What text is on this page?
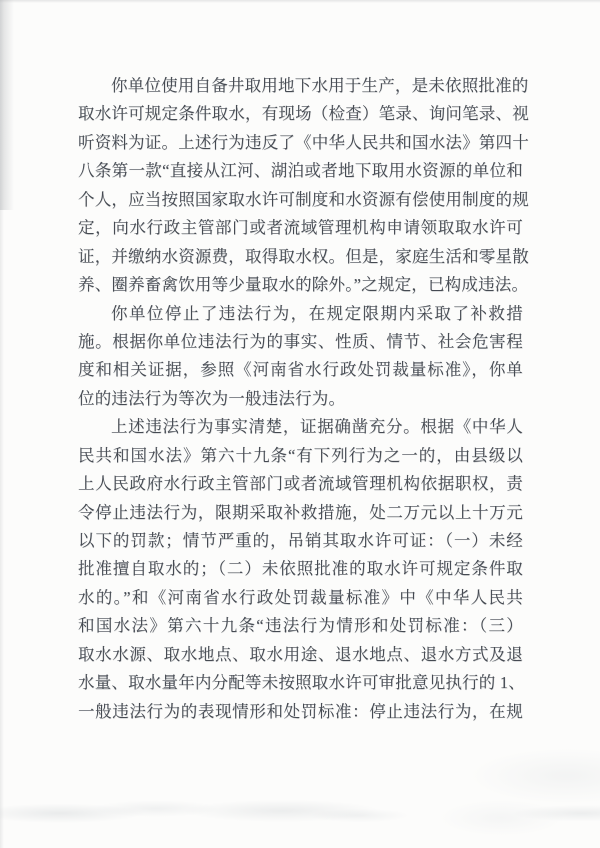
你单位使用自备井取用地下水用于生产，是未依照批准的
取水许可规定条件取水，有现场（检查）笔录、询问笔录、视
听资料为证。上述行为违反了《中华人民共和国水法》第四十
八条第一款“直接从江河、湖泊或者地下取用水资源的单位和
个人，应当按照国家取水许可制度和水资源有偿使用制度的规
定，向水行政主管部门或者流域管理机构申请领取取水许可
证，并缴纳水资源费，取得取水权。但是，家庭生活和零星散
养、圈养畜禽饮用等少量取水的除外。”之规定，已构成违法。
你单位停止了违法行为，在规定限期内采取了补救措
施。根据你单位违法行为的事实、性质、情节、社会危害程
度和相关证据，参照《河南省水行政处罚裁量标准》，你单
位的违法行为等次为一般违法行为。
上述违法行为事实清楚，证据确凿充分。根据《中华人
民共和国水法》第六十九条“有下列行为之一的，由县级以
上人民政府水行政主管部门或者流域管理机构依据职权，责
令停止违法行为，限期采取补救措施，处二万元以上十万元
以下的罚款；情节严重的，吊销其取水许可证：（一）未经
批准擅自取水的；（二）未依照批准的取水许可规定条件取
水的。”和《河南省水行政处罚裁量标准》中《中华人民共
和国水法》第六十九条“违法行为情形和处罚标准：（三）
取水水源、取水地点、取水用途、退水地点、退水方式及退
水量、取水量年内分配等未按照取水许可审批意见执行的 1、
一般违法行为的表现情形和处罚标准：停止违法行为，在规
